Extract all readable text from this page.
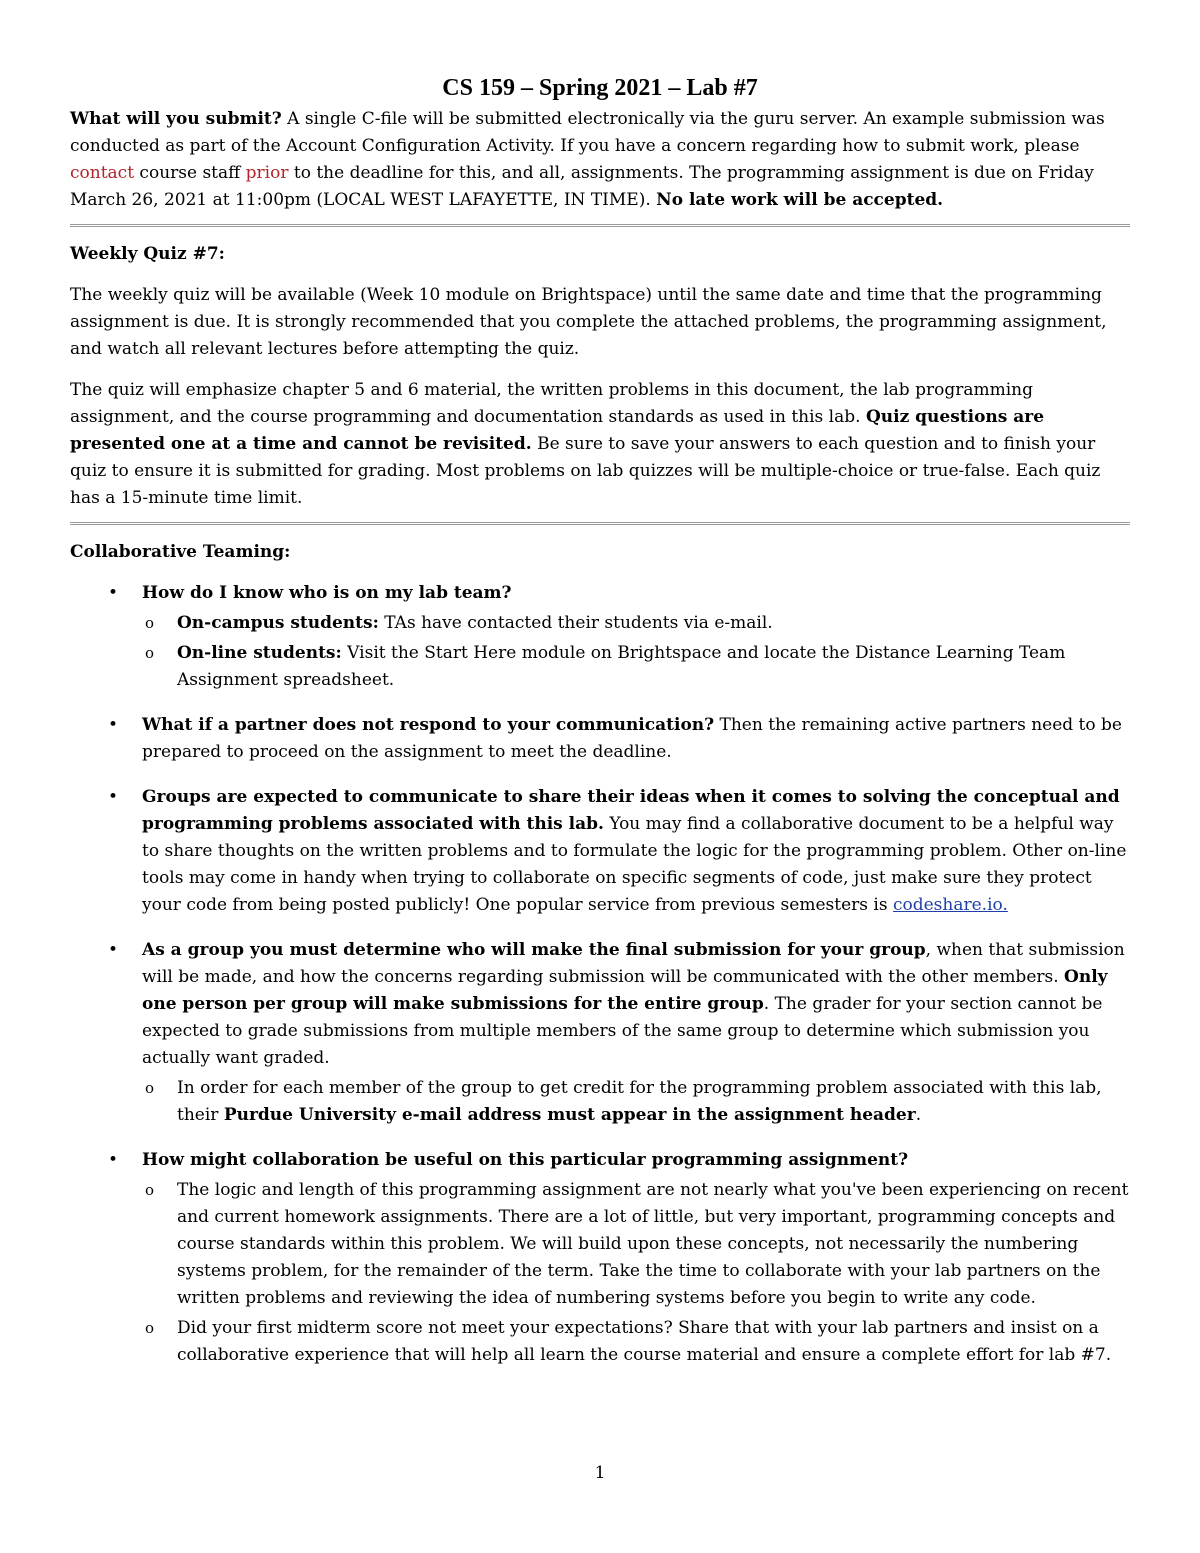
CS 159 – Spring 2021 – Lab #7

What will you submit? A single C-file will be submitted electronically via the guru server. An example submission was conducted as part of the Account Configuration Activity. If you have a concern regarding how to submit work, please contact course staff prior to the deadline for this, and all, assignments. The programming assignment is due on Friday March 26, 2021 at 11:00pm (LOCAL WEST LAFAYETTE, IN TIME). No late work will be accepted.

Weekly Quiz #7:

The weekly quiz will be available (Week 10 module on Brightspace) until the same date and time that the programming assignment is due. It is strongly recommended that you complete the attached problems, the programming assignment, and watch all relevant lectures before attempting the quiz.

The quiz will emphasize chapter 5 and 6 material, the written problems in this document, the lab programming assignment, and the course programming and documentation standards as used in this lab. Quiz questions are presented one at a time and cannot be revisited. Be sure to save your answers to each question and to finish your quiz to ensure it is submitted for grading. Most problems on lab quizzes will be multiple-choice or true-false. Each quiz has a 15-minute time limit.

Collaborative Teaming:

• How do I know who is on my lab team?
o On-campus students: TAs have contacted their students via e-mail.
o On-line students: Visit the Start Here module on Brightspace and locate the Distance Learning Team Assignment spreadsheet.
• What if a partner does not respond to your communication? Then the remaining active partners need to be prepared to proceed on the assignment to meet the deadline.
• Groups are expected to communicate to share their ideas when it comes to solving the conceptual and programming problems associated with this lab. You may find a collaborative document to be a helpful way to share thoughts on the written problems and to formulate the logic for the programming problem. Other on-line tools may come in handy when trying to collaborate on specific segments of code, just make sure they protect your code from being posted publicly! One popular service from previous semesters is codeshare.io.
• As a group you must determine who will make the final submission for your group, when that submission will be made, and how the concerns regarding submission will be communicated with the other members. Only one person per group will make submissions for the entire group. The grader for your section cannot be expected to grade submissions from multiple members of the same group to determine which submission you actually want graded.
o In order for each member of the group to get credit for the programming problem associated with this lab, their Purdue University e-mail address must appear in the assignment header.
• How might collaboration be useful on this particular programming assignment?
o The logic and length of this programming assignment are not nearly what you've been experiencing on recent and current homework assignments. There are a lot of little, but very important, programming concepts and course standards within this problem. We will build upon these concepts, not necessarily the numbering systems problem, for the remainder of the term. Take the time to collaborate with your lab partners on the written problems and reviewing the idea of numbering systems before you begin to write any code.
o Did your first midterm score not meet your expectations? Share that with your lab partners and insist on a collaborative experience that will help all learn the course material and ensure a complete effort for lab #7.
1
